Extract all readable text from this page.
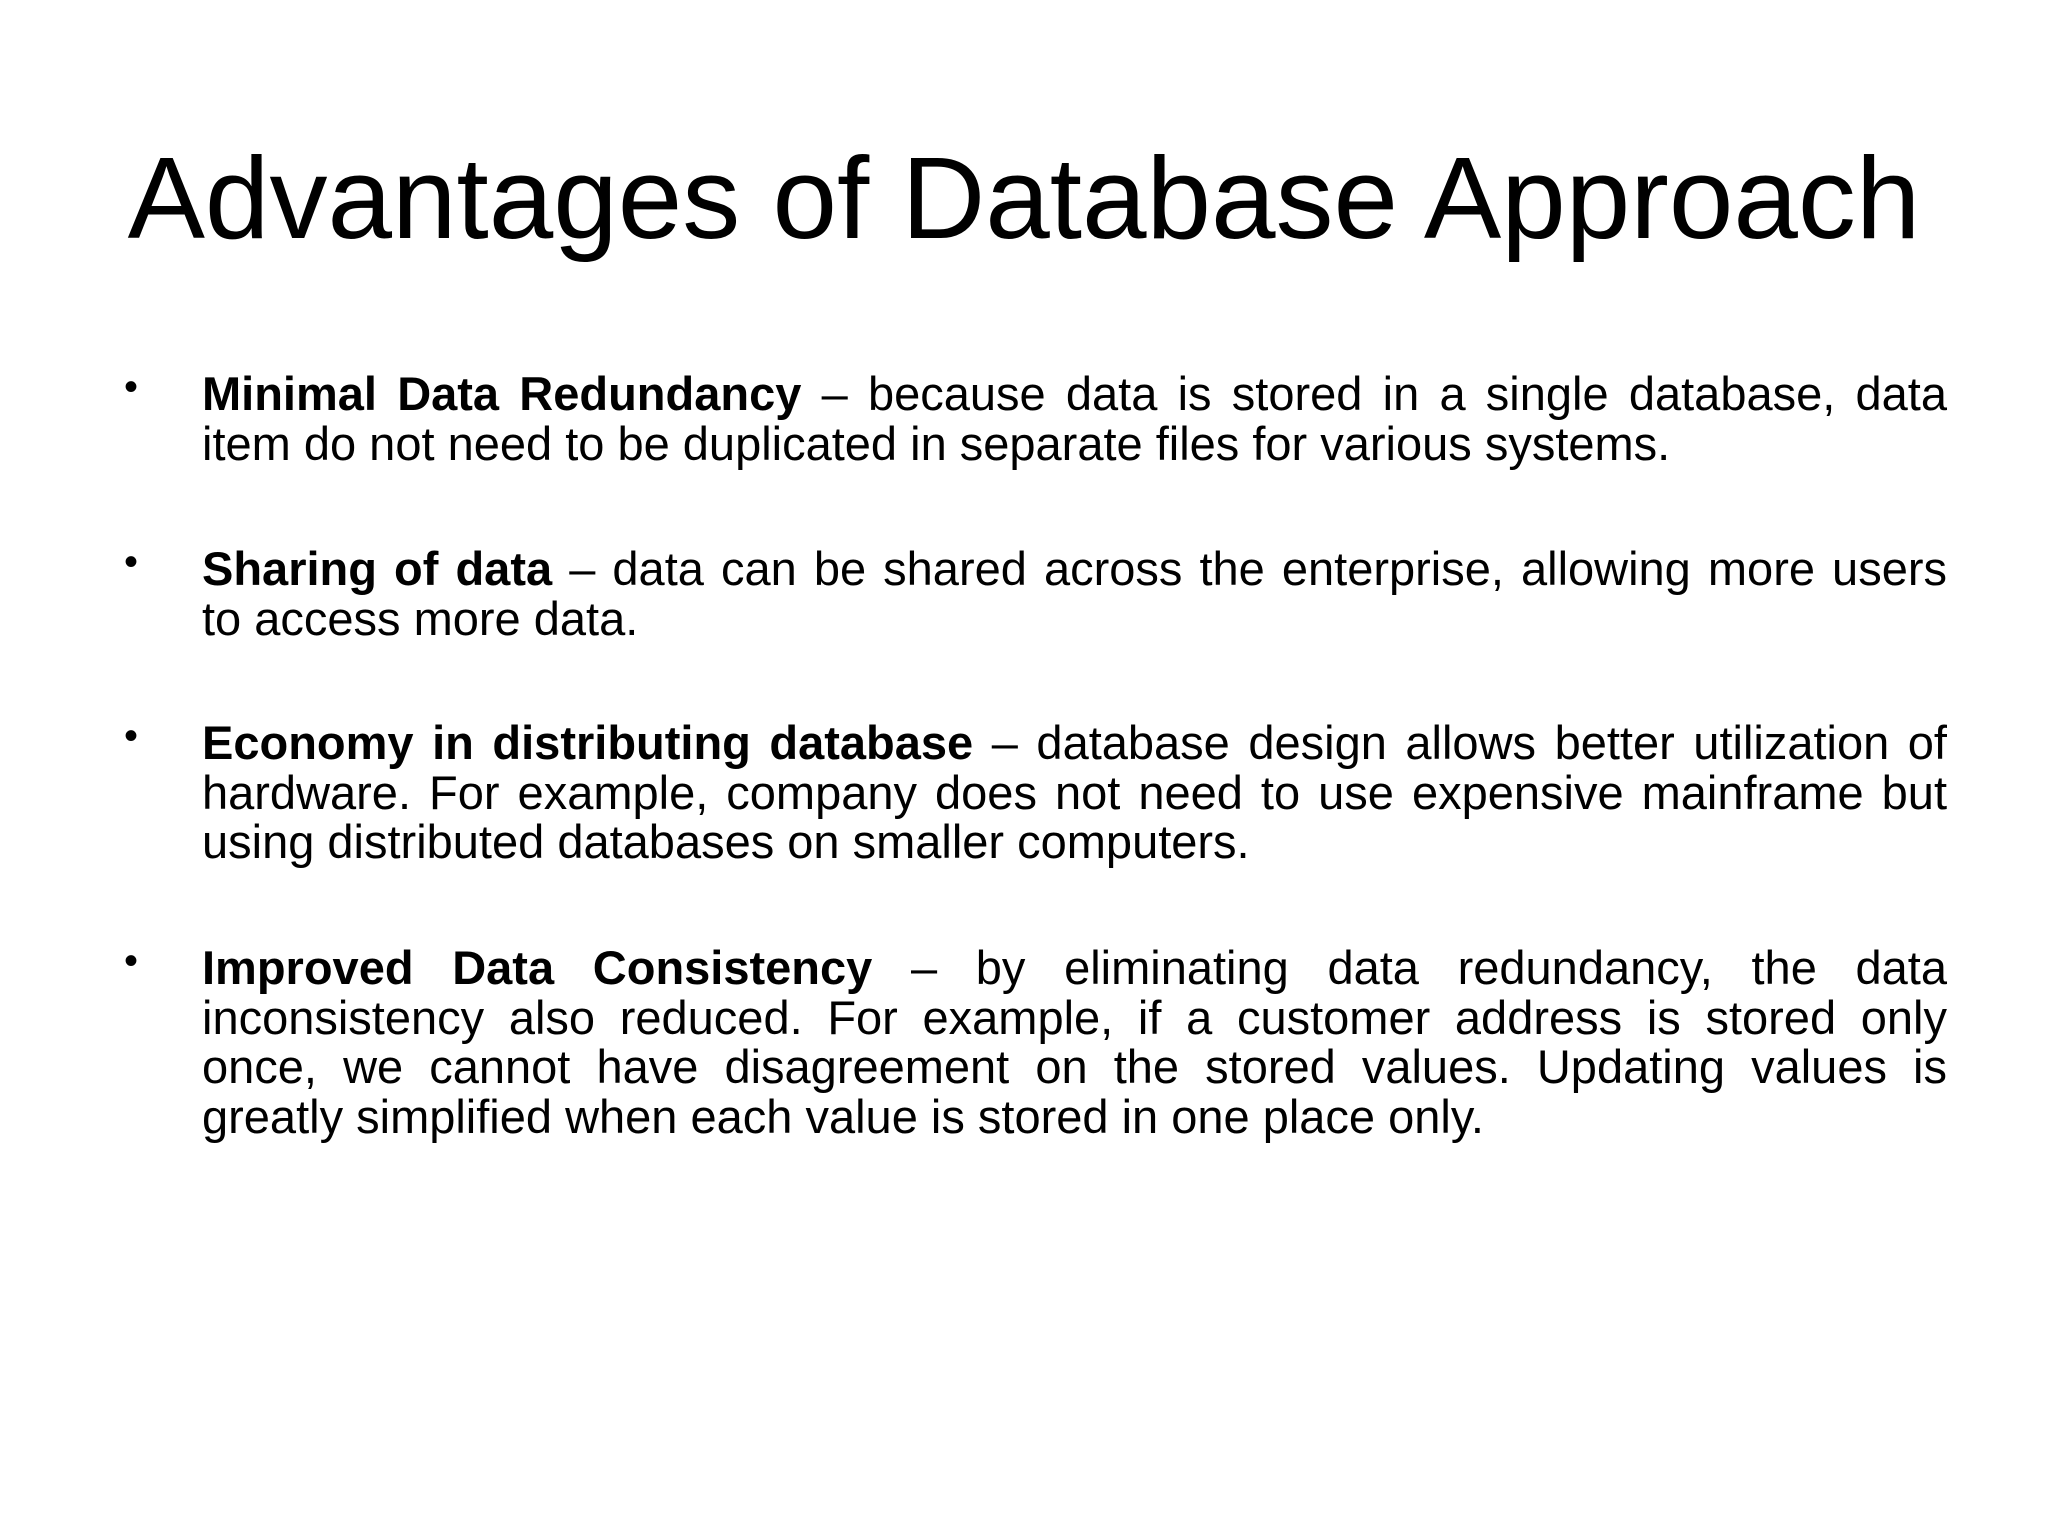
Advantages of Database Approach
• Minimal Data Redundancy – because data is stored in a single database, data item do not need to be duplicated in separate files for various systems.
• Sharing of data – data can be shared across the enterprise, allowing more users to access more data.
• Economy in distributing database – database design allows better utilization of hardware. For example, company does not need to use expensive mainframe but using distributed databases on smaller computers.
• Improved Data Consistency – by eliminating data redundancy, the data inconsistency also reduced. For example, if a customer address is stored only once, we cannot have disagreement on the stored values. Updating values is greatly simplified when each value is stored in one place only.
